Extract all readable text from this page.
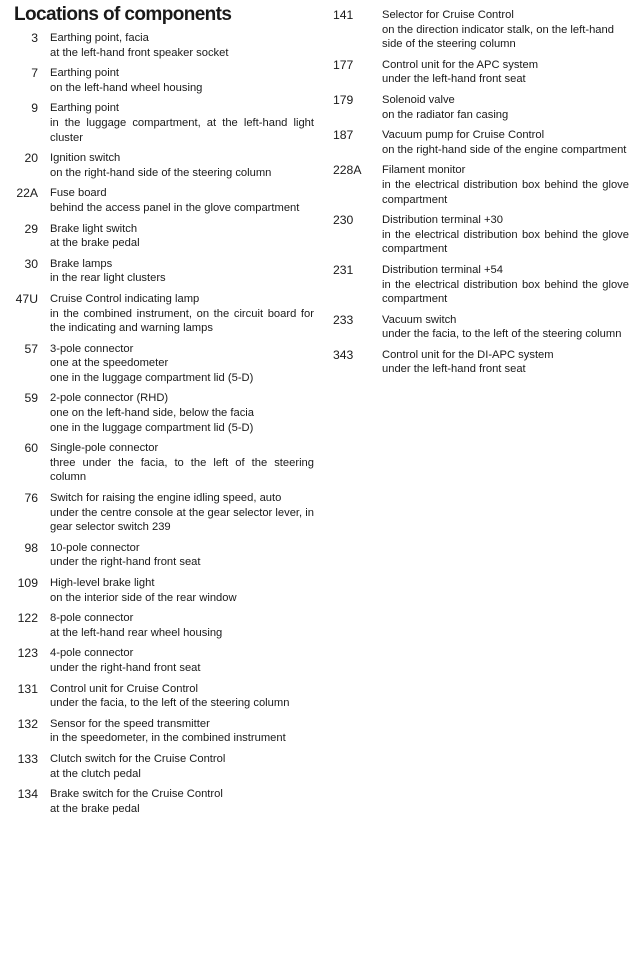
Locations of components
3	Earthing point, facia
at the left-hand front speaker socket
7	Earthing point
on the left-hand wheel housing
9	Earthing point
in the luggage compartment, at the left-hand light cluster
20	Ignition switch
on the right-hand side of the steering column
22A	Fuse board
behind the access panel in the glove compartment
29	Brake light switch
at the brake pedal
30	Brake lamps
in the rear light clusters
47U	Cruise Control indicating lamp
in the combined instrument, on the circuit board for the indicating and warning lamps
57	3-pole connector
one at the speedometer
one in the luggage compartment lid (5-D)
59	2-pole connector (RHD)
one on the left-hand side, below the facia
one in the luggage compartment lid (5-D)
60	Single-pole connector
three under the facia, to the left of the steering column
76	Switch for raising the engine idling speed, auto
under the centre console at the gear selector lever, in gear selector switch 239
98	10-pole connector
under the right-hand front seat
109	High-level brake light
on the interior side of the rear window
122	8-pole connector
at the left-hand rear wheel housing
123	4-pole connector
under the right-hand front seat
131	Control unit for Cruise Control
under the facia, to the left of the steering column
132	Sensor for the speed transmitter
in the speedometer, in the combined instrument
133	Clutch switch for the Cruise Control
at the clutch pedal
134	Brake switch for the Cruise Control
at the brake pedal
141	Selector for Cruise Control
on the direction indicator stalk, on the left-hand
side of the steering column
177	Control unit for the APC system
under the left-hand front seat
179	Solenoid valve
on the radiator fan casing
187	Vacuum pump for Cruise Control
on the right-hand side of the engine compartment
228A	Filament monitor
in the electrical distribution box behind the glove compartment
230	Distribution terminal +30
in the electrical distribution box behind the glove compartment
231	Distribution terminal +54
in the electrical distribution box behind the glove compartment
233	Vacuum switch
under the facia, to the left of the steering column
343	Control unit for the DI-APC system
under the left-hand front seat
